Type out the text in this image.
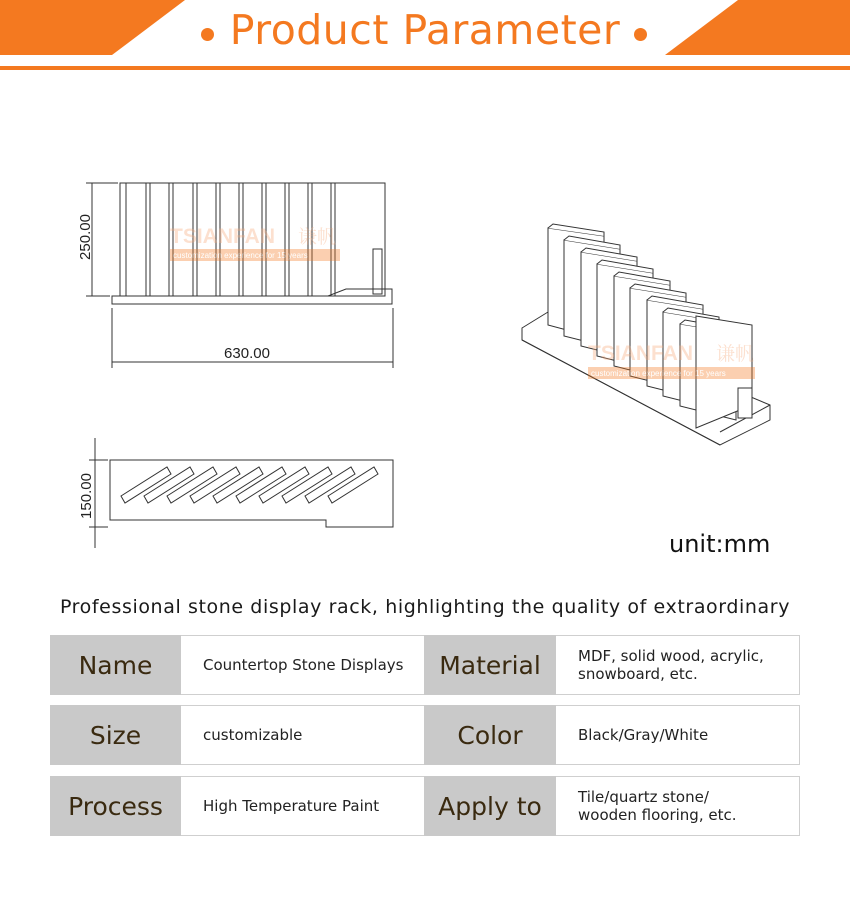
Product Parameter
250.00
630.00
TSIANFAN 谦帆
customization experience for 15 years
150.00
TSIANFAN 谦帆
customization experience for 15 years
unit:mm
Professional stone display rack, highlighting the quality of extraordinary
Name	Countertop Stone Displays	Material	MDF, solid wood, acrylic, snowboard, etc.
Size	customizable	Color	Black/Gray/White
Process	High Temperature Paint	Apply to	Tile/quartz stone/ wooden flooring, etc.
